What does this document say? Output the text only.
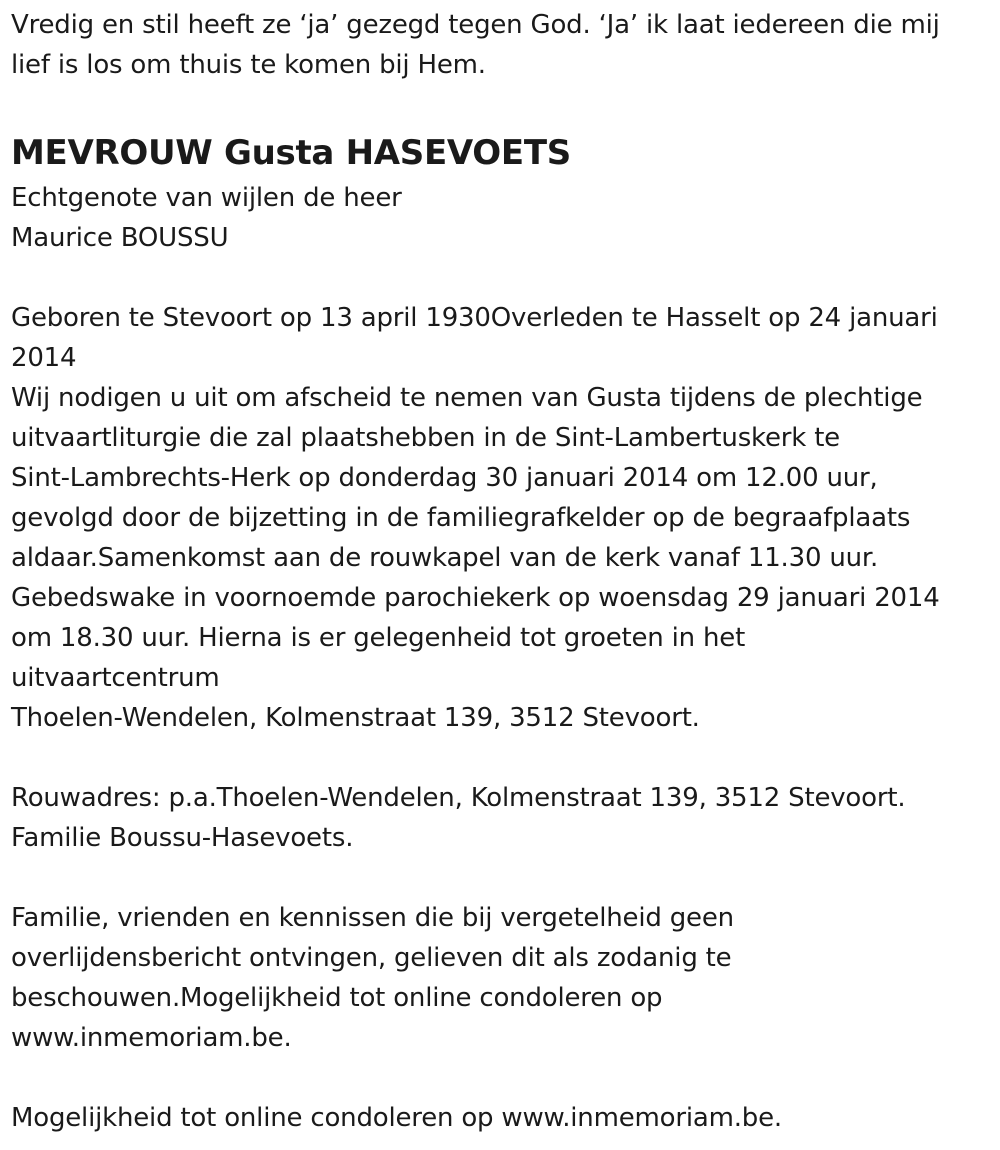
Vredig en stil heeft ze ‘ja’ gezegd tegen God. ‘Ja’ ik laat iedereen die mij
lief is los om thuis te komen bij Hem.
MEVROUW Gusta HASEVOETS
Echtgenote van wijlen de heer
Maurice BOUSSU
Geboren te Stevoort op 13 april 1930Overleden te Hasselt op 24 januari
2014
Wij nodigen u uit om afscheid te nemen van Gusta tijdens de plechtige
uitvaartliturgie die zal plaatshebben in de Sint-Lambertuskerk te
Sint-Lambrechts-Herk op donderdag 30 januari 2014 om 12.00 uur,
gevolgd door de bijzetting in de familiegrafkelder op de begraafplaats
aldaar.Samenkomst aan de rouwkapel van de kerk vanaf 11.30 uur.
Gebedswake in voornoemde parochiekerk op woensdag 29 januari 2014
om 18.30 uur. Hierna is er gelegenheid tot groeten in het
uitvaartcentrum
Thoelen-Wendelen, Kolmenstraat 139, 3512 Stevoort.
Rouwadres: p.a.Thoelen-Wendelen, Kolmenstraat 139, 3512 Stevoort.
Familie Boussu-Hasevoets.
Familie, vrienden en kennissen die bij vergetelheid geen
overlijdensbericht ontvingen, gelieven dit als zodanig te
beschouwen.Mogelijkheid tot online condoleren op
www.inmemoriam.be.
Mogelijkheid tot online condoleren op www.inmemoriam.be.
